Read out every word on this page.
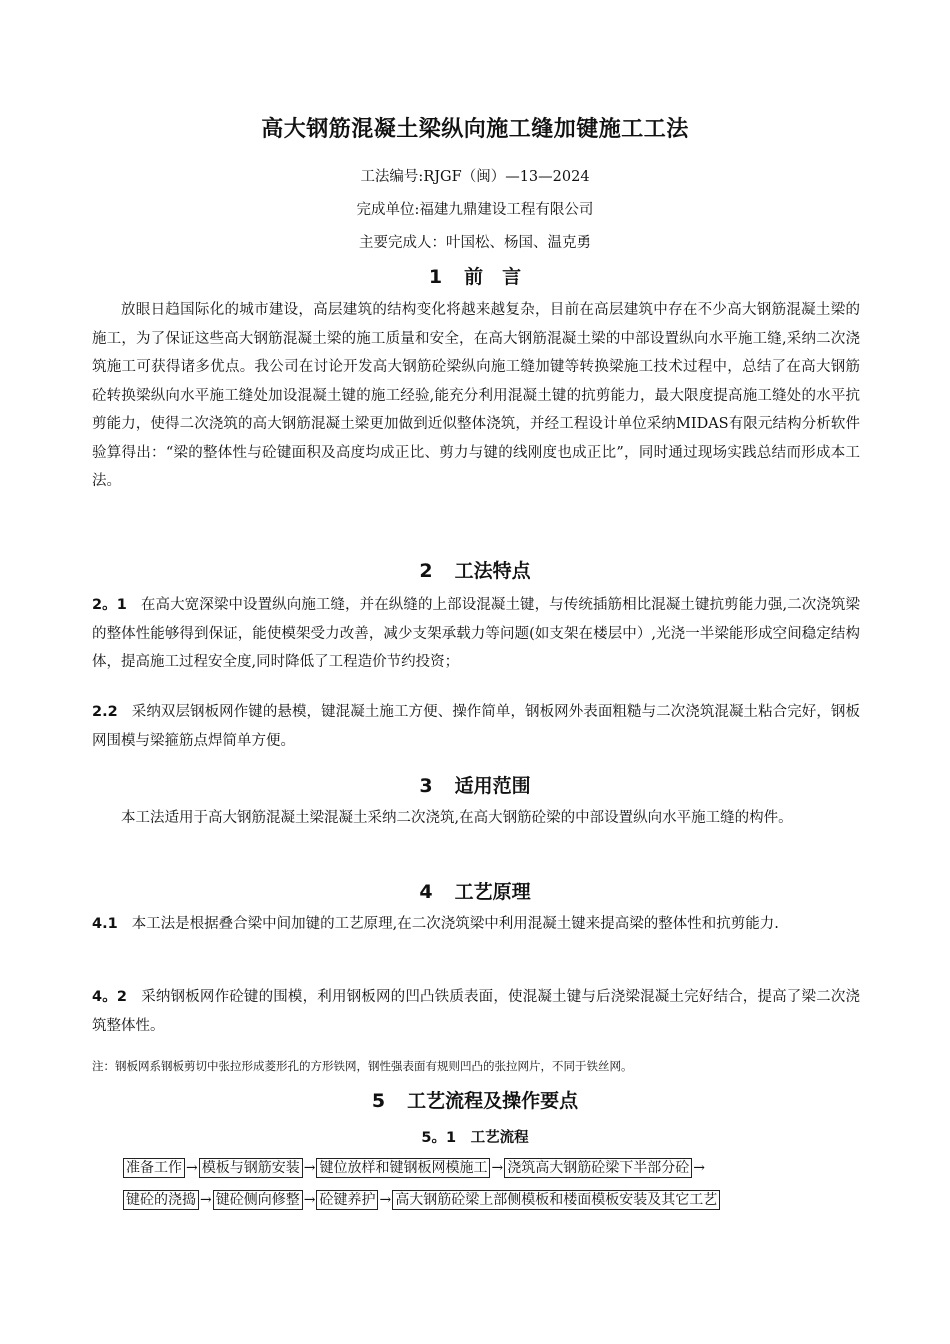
高大钢筋混凝土梁纵向施工缝加键施工工法
工法编号:RJGF（闽）—13—2024
完成单位:福建九鼎建设工程有限公司
主要完成人：叶国松、杨国、温克勇
1 前　言

放眼日趋国际化的城市建设，高层建筑的结构变化将越来越复杂，目前在高层建筑中存在不少高大钢筋混凝土梁的施工，为了保证这些高大钢筋混凝土梁的施工质量和安全，在高大钢筋混凝土梁的中部设置纵向水平施工缝,采纳二次浇筑施工可获得诸多优点。我公司在讨论开发高大钢筋砼梁纵向施工缝加键等转换梁施工技术过程中，总结了在高大钢筋砼转换梁纵向水平施工缝处加设混凝土键的施工经验,能充分利用混凝土键的抗剪能力，最大限度提高施工缝处的水平抗剪能力，使得二次浇筑的高大钢筋混凝土梁更加做到近似整体浇筑，并经工程设计单位采纳MIDAS有限元结构分析软件验算得出：“梁的整体性与砼键面积及高度均成正比、剪力与键的线刚度也成正比”，同时通过现场实践总结而形成本工法。

2 工法特点

2。1 在高大宽深梁中设置纵向施工缝，并在纵缝的上部设混凝土键，与传统插筋相比混凝土键抗剪能力强,二次浇筑梁的整体性能够得到保证，能使模架受力改善，减少支架承载力等问题(如支架在楼层中）,光浇一半梁能形成空间稳定结构体，提高施工过程安全度,同时降低了工程造价节约投资；

2.2 采纳双层钢板网作键的悬模，键混凝土施工方便、操作简单，钢板网外表面粗糙与二次浇筑混凝土粘合完好，钢板网围模与梁箍筋点焊简单方便。

3 适用范围

本工法适用于高大钢筋混凝土梁混凝土采纳二次浇筑,在高大钢筋砼梁的中部设置纵向水平施工缝的构件。

4 工艺原理

4.1 本工法是根据叠合梁中间加键的工艺原理,在二次浇筑梁中利用混凝土键来提高梁的整体性和抗剪能力.

4。2 采纳钢板网作砼键的围模，利用钢板网的凹凸铁质表面，使混凝土键与后浇梁混凝土完好结合，提高了梁二次浇筑整体性。

注：钢板网系钢板剪切中张拉形成菱形孔的方形铁网，钢性强表面有规则凹凸的张拉网片，不同于铁丝网。
5 工艺流程及操作要点
5。1　工艺流程
准备工作 → 模板与钢筋安装 → 键位放样和键钢板网模施工 → 浇筑高大钢筋砼梁下半部分砼 →
键砼的浇捣 → 键砼侧向修整 → 砼键养护 → 高大钢筋砼梁上部侧模板和楼面模板安装及其它工艺
